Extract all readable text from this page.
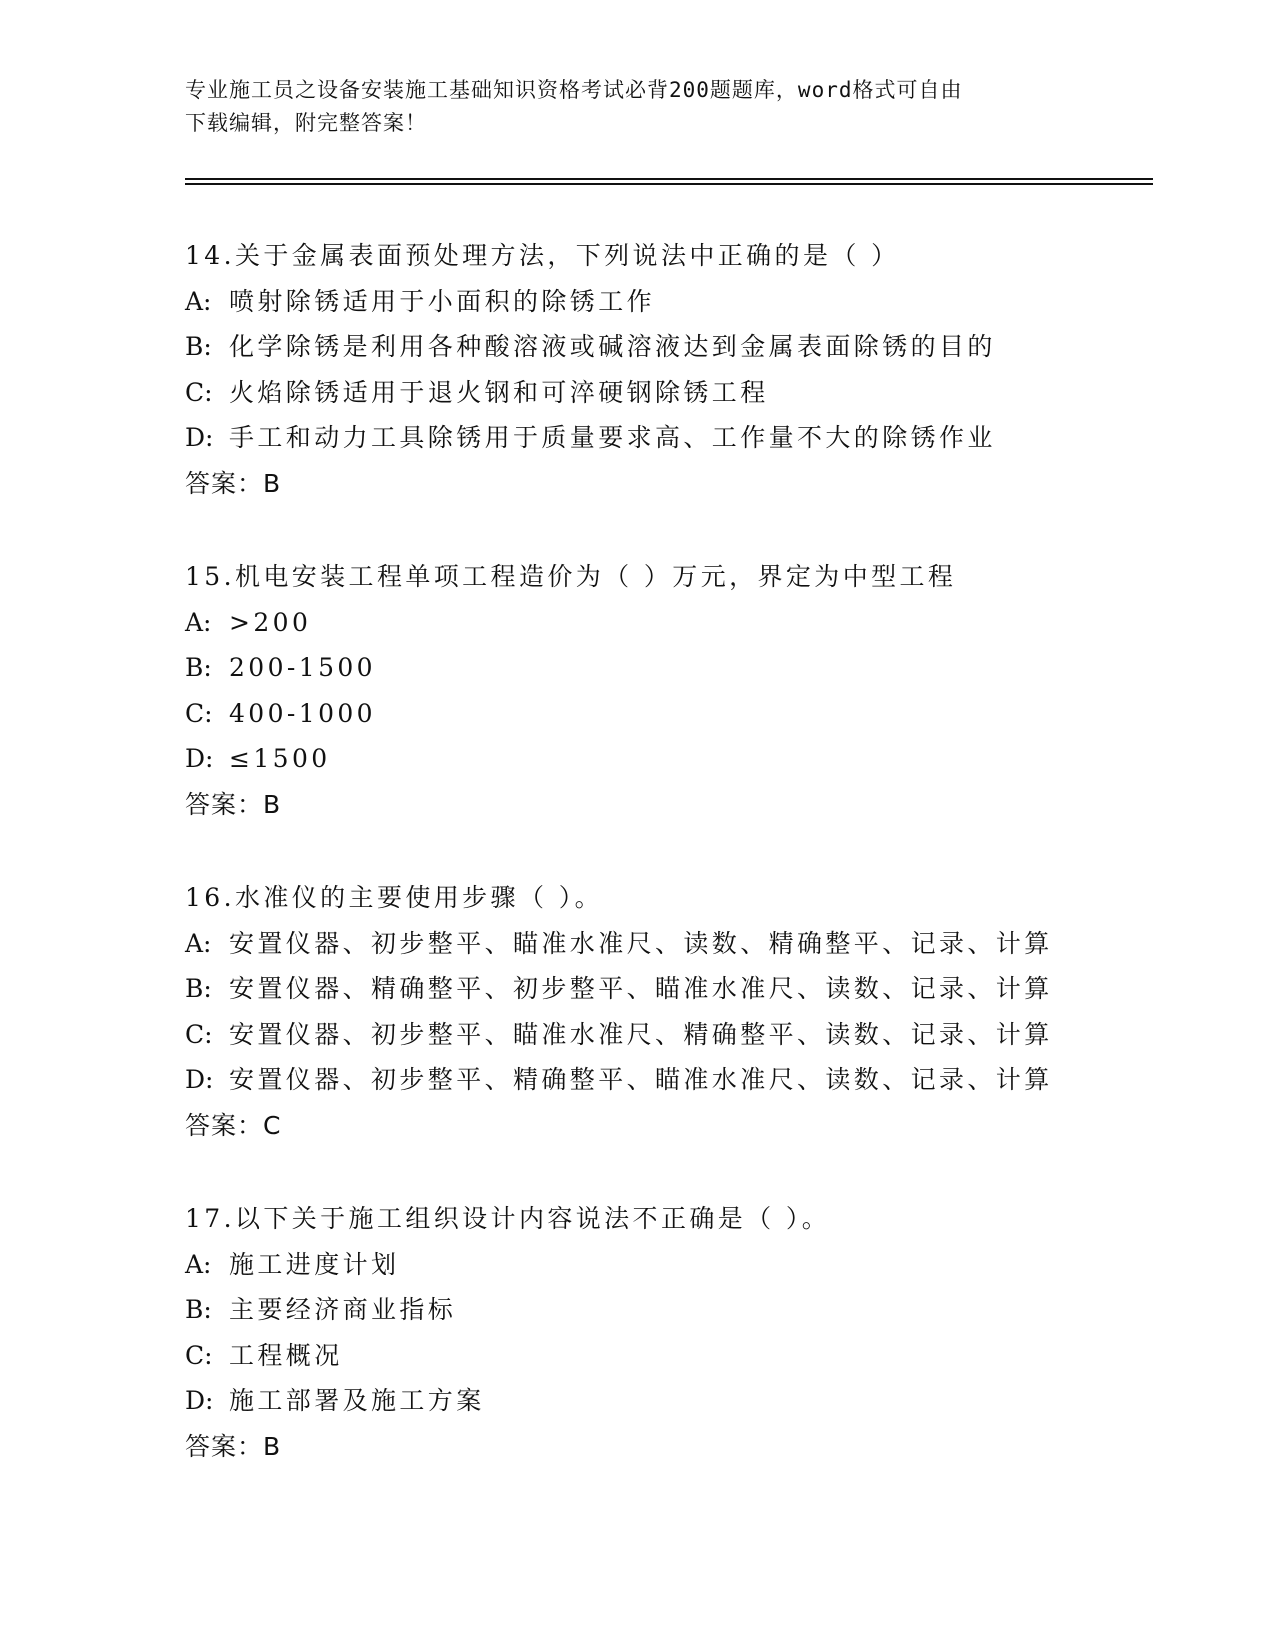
专业施工员之设备安装施工基础知识资格考试必背200题题库，word格式可自由
下载编辑，附完整答案！
14.关于金属表面预处理方法，下列说法中正确的是（ ）
A: 喷射除锈适用于小面积的除锈工作
B: 化学除锈是利用各种酸溶液或碱溶液达到金属表面除锈的目的
C: 火焰除锈适用于退火钢和可淬硬钢除锈工程
D: 手工和动力工具除锈用于质量要求高、工作量不大的除锈作业
答案：B
15.机电安装工程单项工程造价为（ ）万元，界定为中型工程
A: >200
B: 200-1500
C: 400-1000
D: ≤1500
答案：B
16.水准仪的主要使用步骤（ ）。
A: 安置仪器、初步整平、瞄准水准尺、读数、精确整平、记录、计算
B: 安置仪器、精确整平、初步整平、瞄准水准尺、读数、记录、计算
C: 安置仪器、初步整平、瞄准水准尺、精确整平、读数、记录、计算
D: 安置仪器、初步整平、精确整平、瞄准水准尺、读数、记录、计算
答案：C
17.以下关于施工组织设计内容说法不正确是（ ）。
A: 施工进度计划
B: 主要经济商业指标
C: 工程概况
D: 施工部署及施工方案
答案：B
